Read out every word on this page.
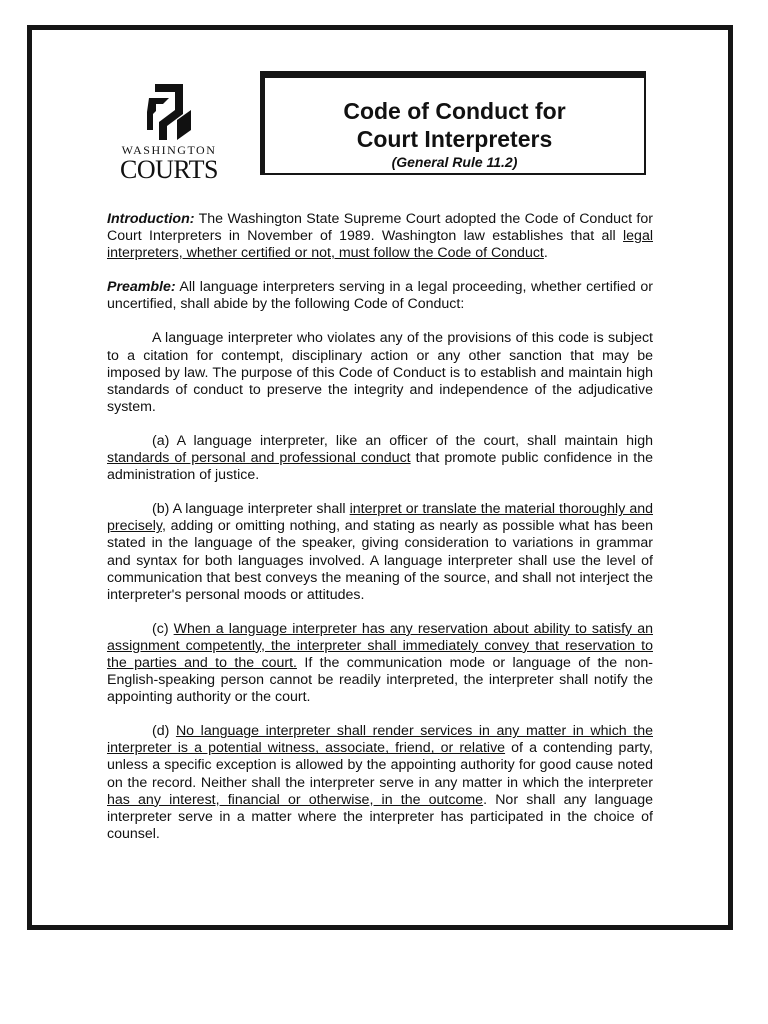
WASHINGTON
COURTS
Code of Conduct for
Court Interpreters
(General Rule 11.2)

Introduction: The Washington State Supreme Court adopted the Code of Conduct for Court Interpreters in November of 1989. Washington law establishes that all legal interpreters, whether certified or not, must follow the Code of Conduct.

Preamble: All language interpreters serving in a legal proceeding, whether certified or uncertified, shall abide by the following Code of Conduct:

A language interpreter who violates any of the provisions of this code is subject to a citation for contempt, disciplinary action or any other sanction that may be imposed by law. The purpose of this Code of Conduct is to establish and maintain high standards of conduct to preserve the integrity and independence of the adjudicative system.

(a) A language interpreter, like an officer of the court, shall maintain high standards of personal and professional conduct that promote public confidence in the administration of justice.

(b) A language interpreter shall interpret or translate the material thoroughly and precisely, adding or omitting nothing, and stating as nearly as possible what has been stated in the language of the speaker, giving consideration to variations in grammar and syntax for both languages involved. A language interpreter shall use the level of communication that best conveys the meaning of the source, and shall not interject the interpreter's personal moods or attitudes.

(c) When a language interpreter has any reservation about ability to satisfy an assignment competently, the interpreter shall immediately convey that reservation to the parties and to the court. If the communication mode or language of the non-English-speaking person cannot be readily interpreted, the interpreter shall notify the appointing authority or the court.

(d) No language interpreter shall render services in any matter in which the interpreter is a potential witness, associate, friend, or relative of a contending party, unless a specific exception is allowed by the appointing authority for good cause noted on the record. Neither shall the interpreter serve in any matter in which the interpreter has any interest, financial or otherwise, in the outcome. Nor shall any language interpreter serve in a matter where the interpreter has participated in the choice of counsel.
